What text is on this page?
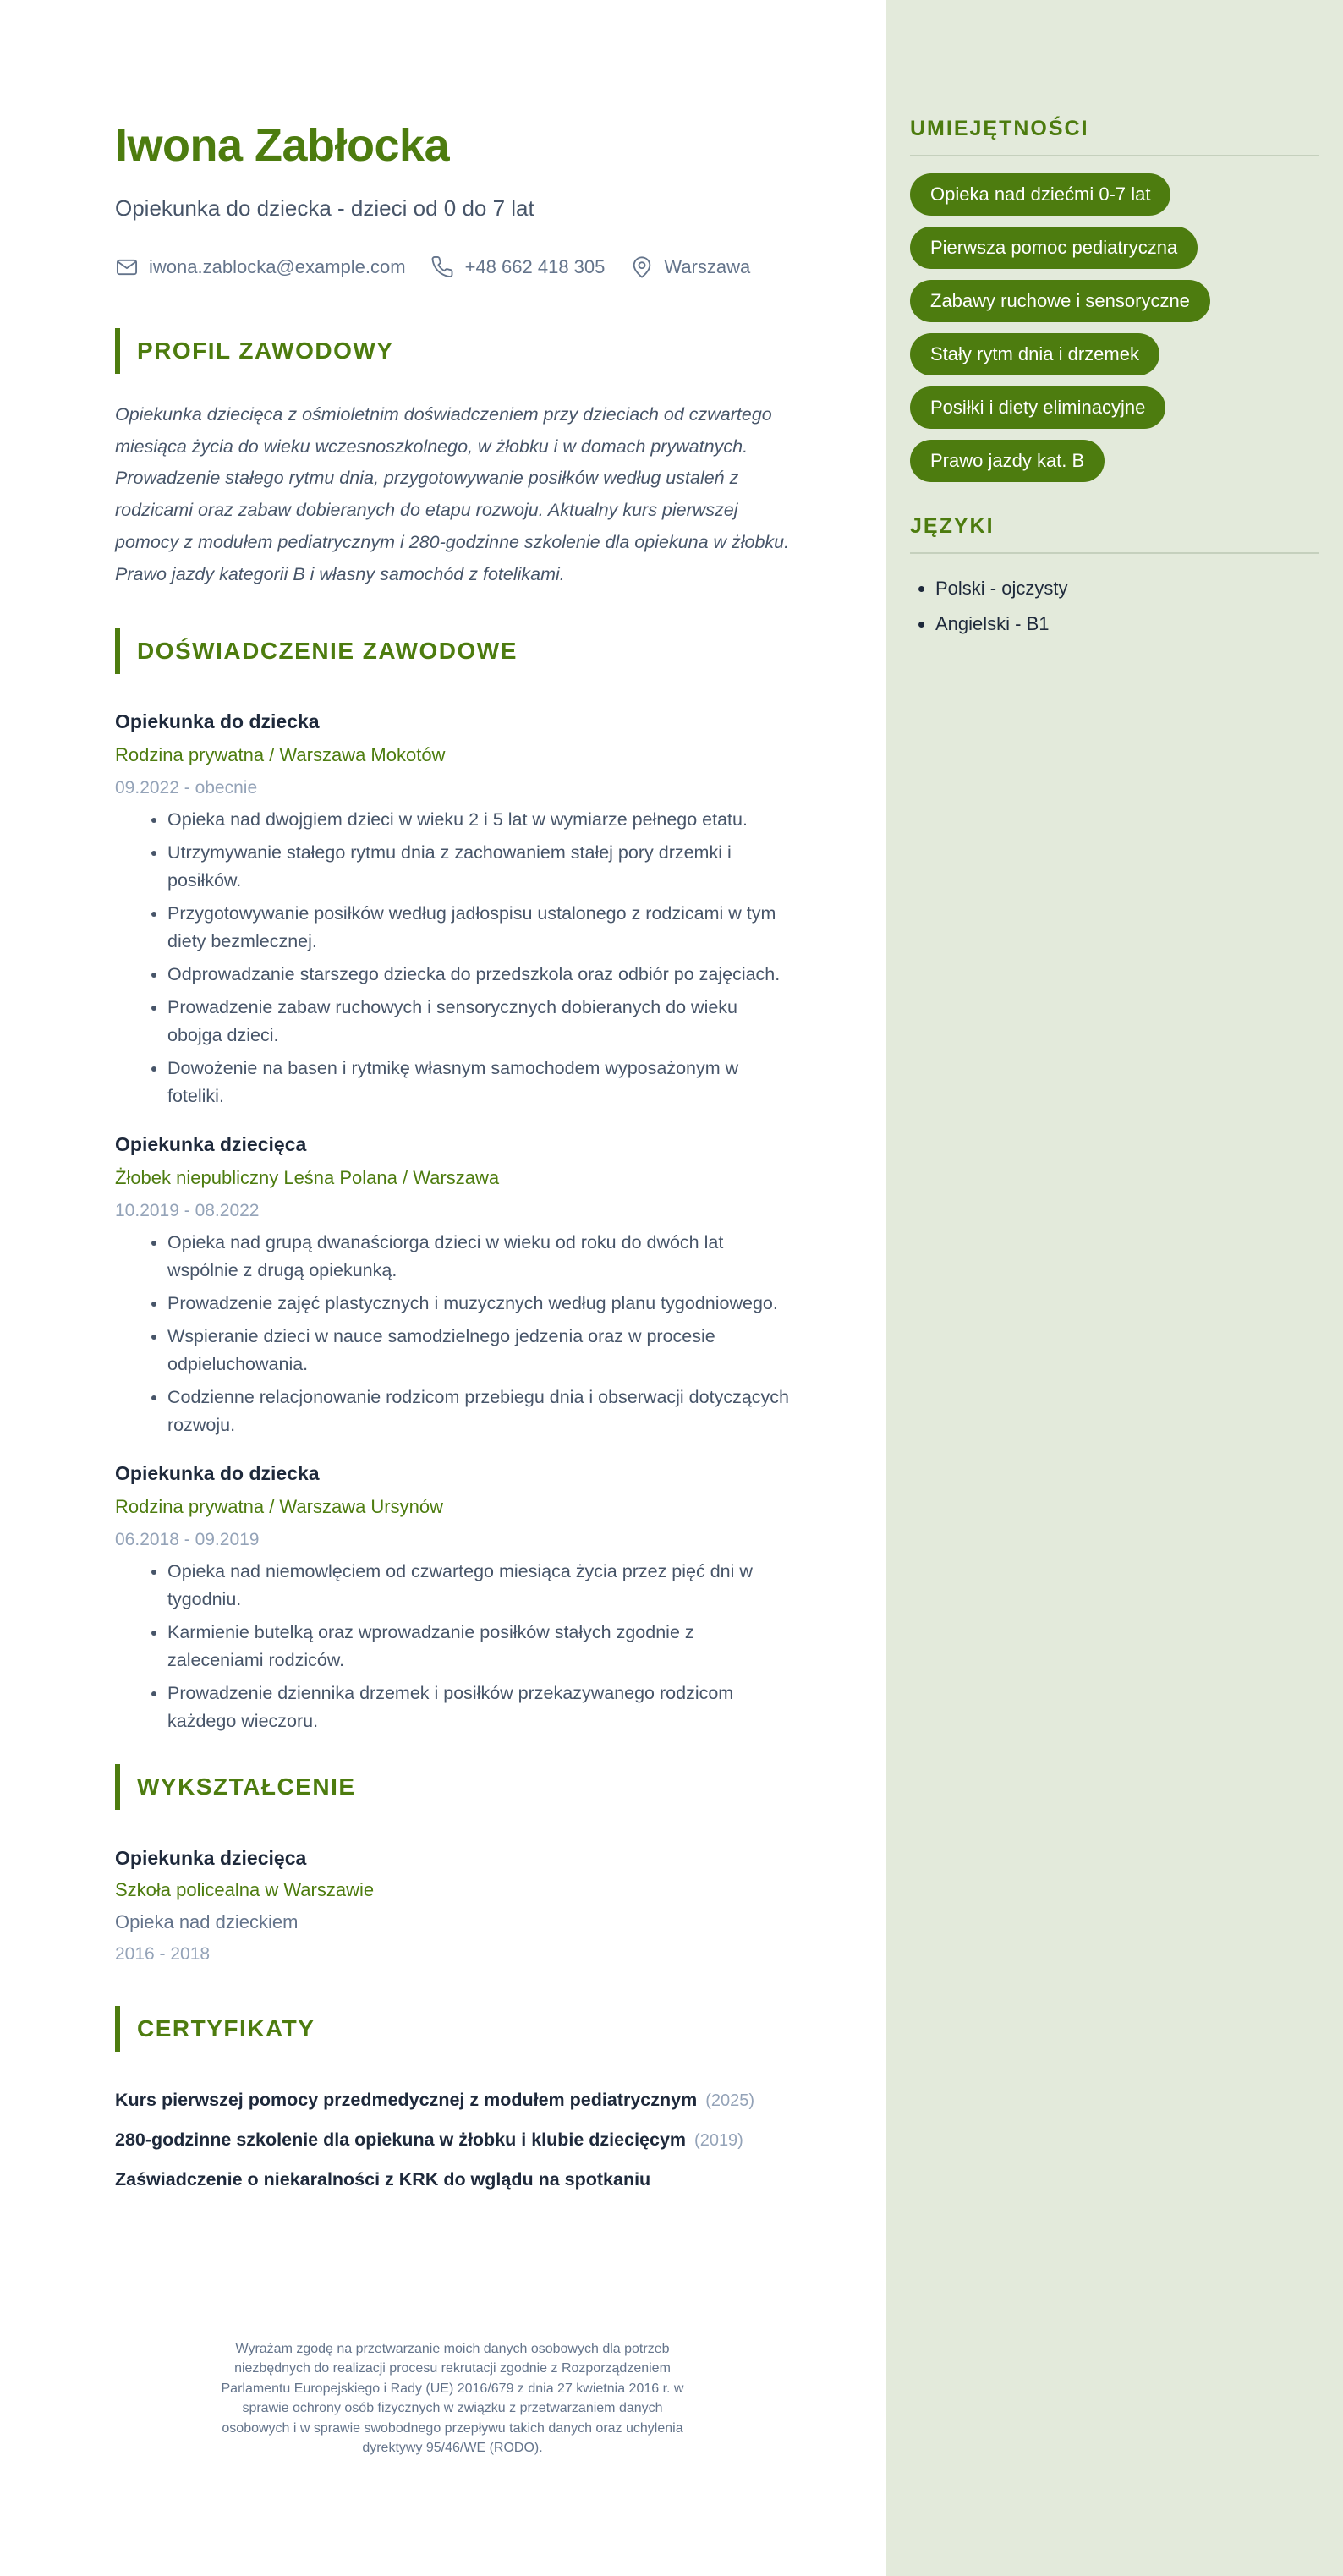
Iwona Zabłocka
Opiekunka do dziecka - dzieci od 0 do 7 lat
iwona.zablocka@example.com	+48 662 418 305	Warszawa
PROFIL ZAWODOWY

Opiekunka dziecięca z ośmioletnim doświadczeniem przy dzieciach od czwartego miesiąca życia do wieku wczesnoszkolnego, w żłobku i w domach prywatnych. Prowadzenie stałego rytmu dnia, przygotowywanie posiłków według ustaleń z rodzicami oraz zabaw dobieranych do etapu rozwoju. Aktualny kurs pierwszej pomocy z modułem pediatrycznym i 280-godzinne szkolenie dla opiekuna w żłobku. Prawo jazdy kategorii B i własny samochód z fotelikami.

DOŚWIADCZENIE ZAWODOWE
Opiekunka do dziecka
Rodzina prywatna / Warszawa Mokotów
09.2022 - obecnie
• Opieka nad dwojgiem dzieci w wieku 2 i 5 lat w wymiarze pełnego etatu.
• Utrzymywanie stałego rytmu dnia z zachowaniem stałej pory drzemki i posiłków.
• Przygotowywanie posiłków według jadłospisu ustalonego z rodzicami w tym diety bezmlecznej.
• Odprowadzanie starszego dziecka do przedszkola oraz odbiór po zajęciach.
• Prowadzenie zabaw ruchowych i sensorycznych dobieranych do wieku obojga dzieci.
• Dowożenie na basen i rytmikę własnym samochodem wyposażonym w foteliki.
Opiekunka dziecięca
Żłobek niepubliczny Leśna Polana / Warszawa
10.2019 - 08.2022
• Opieka nad grupą dwanaściorga dzieci w wieku od roku do dwóch lat wspólnie z drugą opiekunką.
• Prowadzenie zajęć plastycznych i muzycznych według planu tygodniowego.
• Wspieranie dzieci w nauce samodzielnego jedzenia oraz w procesie odpieluchowania.
• Codzienne relacjonowanie rodzicom przebiegu dnia i obserwacji dotyczących rozwoju.
Opiekunka do dziecka
Rodzina prywatna / Warszawa Ursynów
06.2018 - 09.2019
• Opieka nad niemowlęciem od czwartego miesiąca życia przez pięć dni w tygodniu.
• Karmienie butelką oraz wprowadzanie posiłków stałych zgodnie z zaleceniami rodziców.
• Prowadzenie dziennika drzemek i posiłków przekazywanego rodzicom każdego wieczoru.
WYKSZTAŁCENIE
Opiekunka dziecięca
Szkoła policealna w Warszawie
Opieka nad dzieckiem
2016 - 2018
CERTYFIKATY
Kurs pierwszej pomocy przedmedycznej z modułem pediatrycznym (2025)
280-godzinne szkolenie dla opiekuna w żłobku i klubie dziecięcym (2019)
Zaświadczenie o niekaralności z KRK do wglądu na spotkaniu

Wyrażam zgodę na przetwarzanie moich danych osobowych dla potrzeb niezbędnych do realizacji procesu rekrutacji zgodnie z Rozporządzeniem Parlamentu Europejskiego i Rady (UE) 2016/679 z dnia 27 kwietnia 2016 r. w sprawie ochrony osób fizycznych w związku z przetwarzaniem danych osobowych i w sprawie swobodnego przepływu takich danych oraz uchylenia dyrektywy 95/46/WE (RODO).

UMIEJĘTNOŚCI
Opieka nad dziećmi 0-7 lat
Pierwsza pomoc pediatryczna
Zabawy ruchowe i sensoryczne
Stały rytm dnia i drzemek
Posiłki i diety eliminacyjne
Prawo jazdy kat. B
JĘZYKI
• Polski - ojczysty
• Angielski - B1
